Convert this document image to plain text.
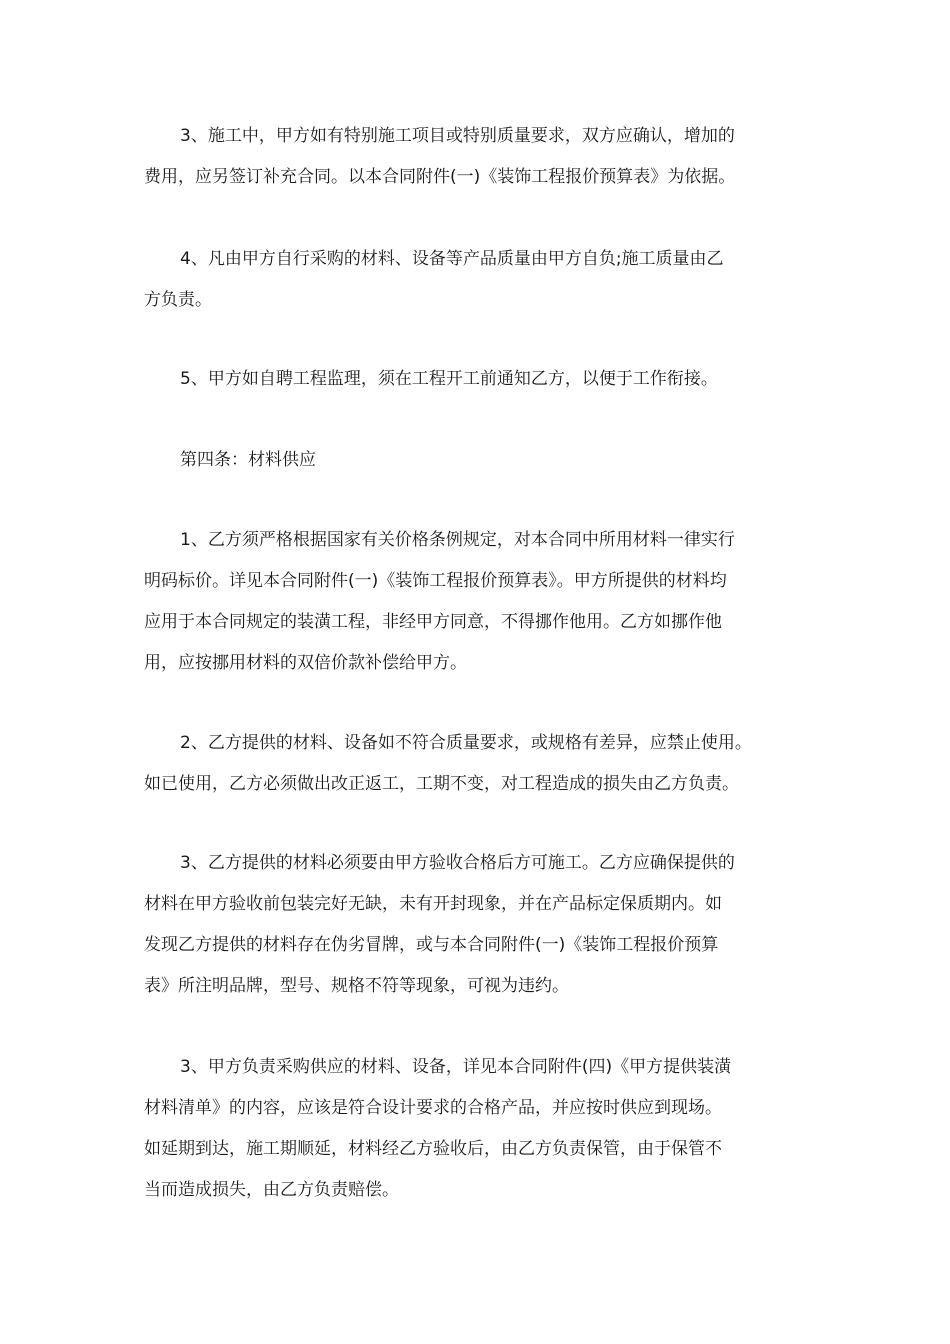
3、施工中，甲方如有特别施工项目或特别质量要求，双方应确认，增加的
费用，应另签订补充合同。以本合同附件(一)《装饰工程报价预算表》为依据。

4、凡由甲方自行采购的材料、设备等产品质量由甲方自负;施工质量由乙
方负责。

5、甲方如自聘工程监理，须在工程开工前通知乙方，以便于工作衔接。

第四条：材料供应

1、乙方须严格根据国家有关价格条例规定，对本合同中所用材料一律实行
明码标价。详见本合同附件(一)《装饰工程报价预算表》。甲方所提供的材料均
应用于本合同规定的装潢工程，非经甲方同意，不得挪作他用。乙方如挪作他
用，应按挪用材料的双倍价款补偿给甲方。

2、乙方提供的材料、设备如不符合质量要求，或规格有差异，应禁止使用。
如已使用，乙方必须做出改正返工，工期不变，对工程造成的损失由乙方负责。

3、乙方提供的材料必须要由甲方验收合格后方可施工。乙方应确保提供的
材料在甲方验收前包装完好无缺，未有开封现象，并在产品标定保质期内。如
发现乙方提供的材料存在伪劣冒牌，或与本合同附件(一)《装饰工程报价预算
表》所注明品牌，型号、规格不符等现象，可视为违约。

3、甲方负责采购供应的材料、设备，详见本合同附件(四)《甲方提供装潢
材料清单》的内容，应该是符合设计要求的合格产品，并应按时供应到现场。
如延期到达，施工期顺延，材料经乙方验收后，由乙方负责保管，由于保管不
当而造成损失，由乙方负责赔偿。
